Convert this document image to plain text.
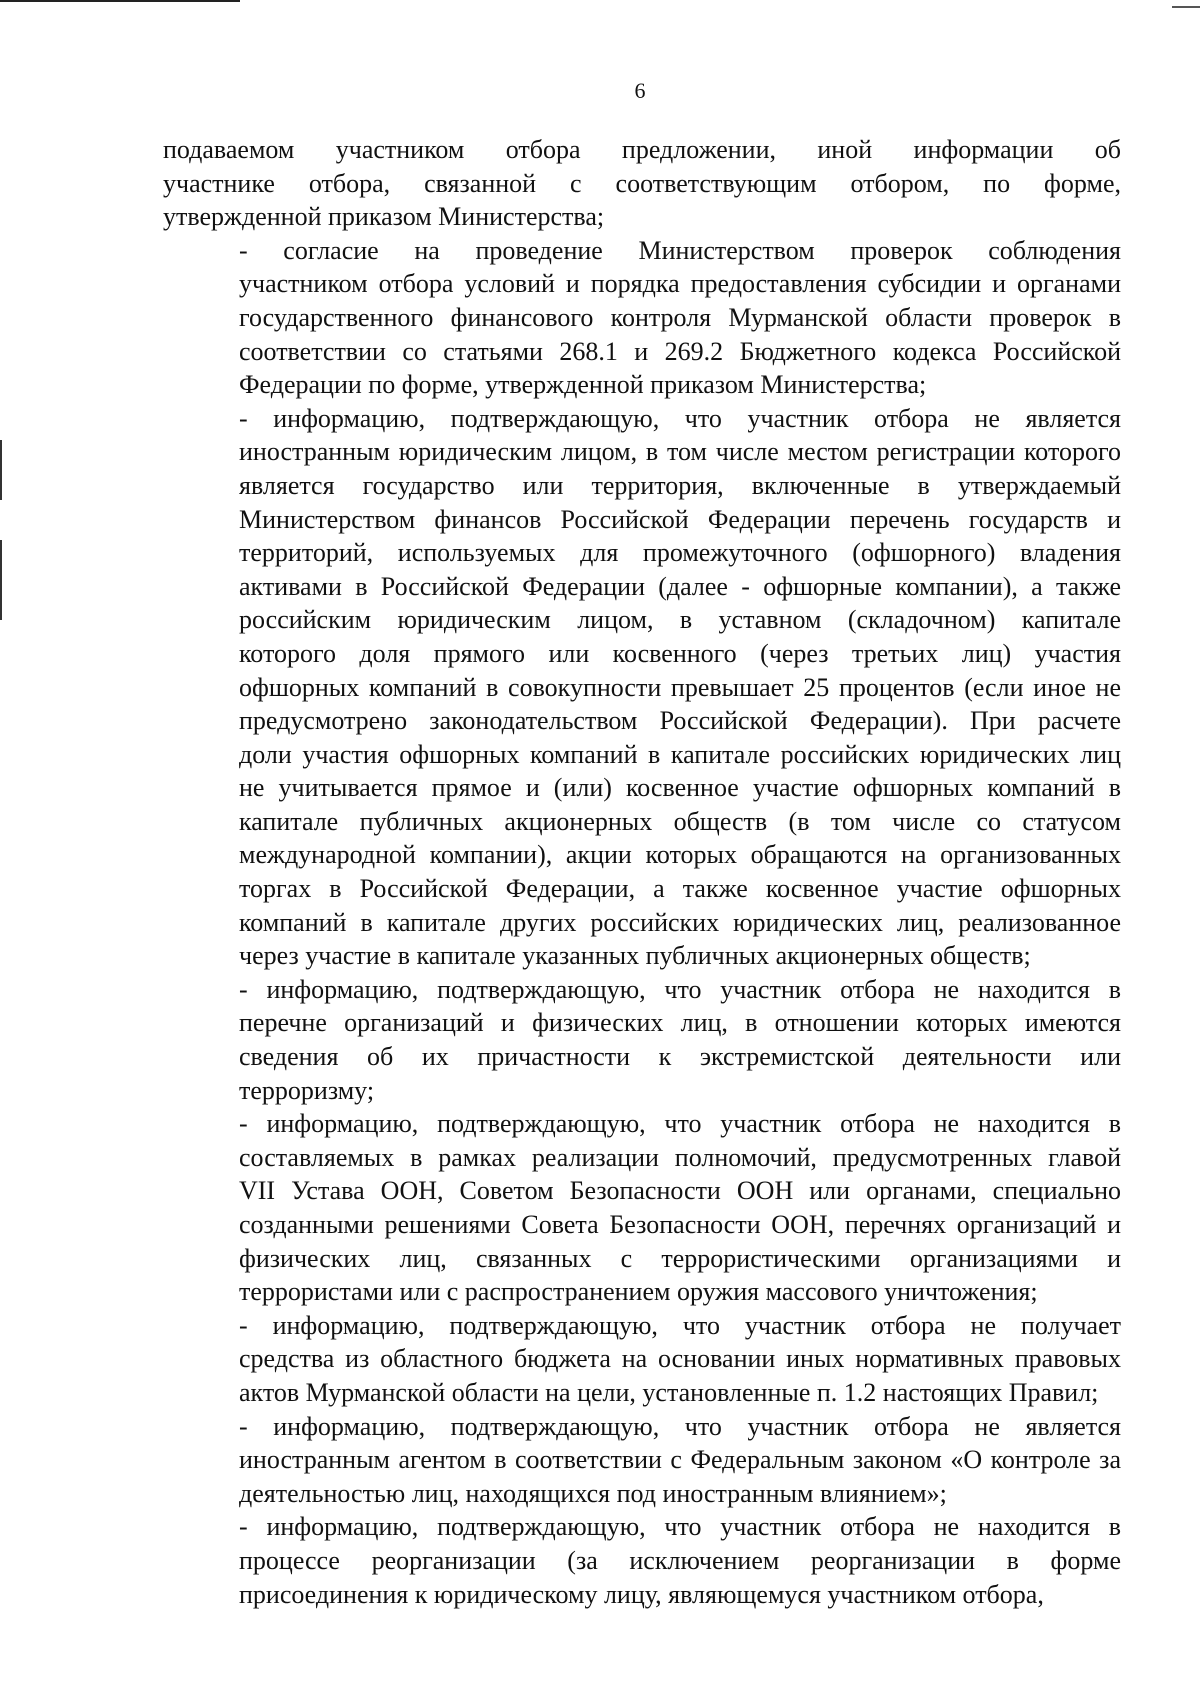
6

подаваемом участником отбора предложении, иной информации об
участнике отбора, связанной с соответствующим отбором, по форме,
утвержденной приказом Министерства;

- согласие на проведение Министерством проверок соблюдения
участником отбора условий и порядка предоставления субсидии и органами
государственного финансового контроля Мурманской области проверок в
соответствии со статьями 268.1 и 269.2 Бюджетного кодекса Российской
Федерации по форме, утвержденной приказом Министерства;

- информацию, подтверждающую, что участник отбора не является
иностранным юридическим лицом, в том числе местом регистрации которого
является государство или территория, включенные в утверждаемый
Министерством финансов Российской Федерации перечень государств и
территорий, используемых для промежуточного (офшорного) владения
активами в Российской Федерации (далее - офшорные компании), а также
российским юридическим лицом, в уставном (складочном) капитале
которого доля прямого или косвенного (через третьих лиц) участия
офшорных компаний в совокупности превышает 25 процентов (если иное не
предусмотрено законодательством Российской Федерации). При расчете
доли участия офшорных компаний в капитале российских юридических лиц
не учитывается прямое и (или) косвенное участие офшорных компаний в
капитале публичных акционерных обществ (в том числе со статусом
международной компании), акции которых обращаются на организованных
торгах в Российской Федерации, а также косвенное участие офшорных
компаний в капитале других российских юридических лиц, реализованное
через участие в капитале указанных публичных акционерных обществ;

- информацию, подтверждающую, что участник отбора не находится в
перечне организаций и физических лиц, в отношении которых имеются
сведения об их причастности к экстремистской деятельности или
терроризму;

- информацию, подтверждающую, что участник отбора не находится в
составляемых в рамках реализации полномочий, предусмотренных главой
VII Устава ООН, Советом Безопасности ООН или органами, специально
созданными решениями Совета Безопасности ООН, перечнях организаций и
физических лиц, связанных с террористическими организациями и
террористами или с распространением оружия массового уничтожения;

- информацию, подтверждающую, что участник отбора не получает
средства из областного бюджета на основании иных нормативных правовых
актов Мурманской области на цели, установленные п. 1.2 настоящих Правил;

- информацию, подтверждающую, что участник отбора не является
иностранным агентом в соответствии с Федеральным законом «О контроле за
деятельностью лиц, находящихся под иностранным влиянием»;

- информацию, подтверждающую, что участник отбора не находится в
процессе реорганизации (за исключением реорганизации в форме
присоединения к юридическому лицу, являющемуся участником отбора,
